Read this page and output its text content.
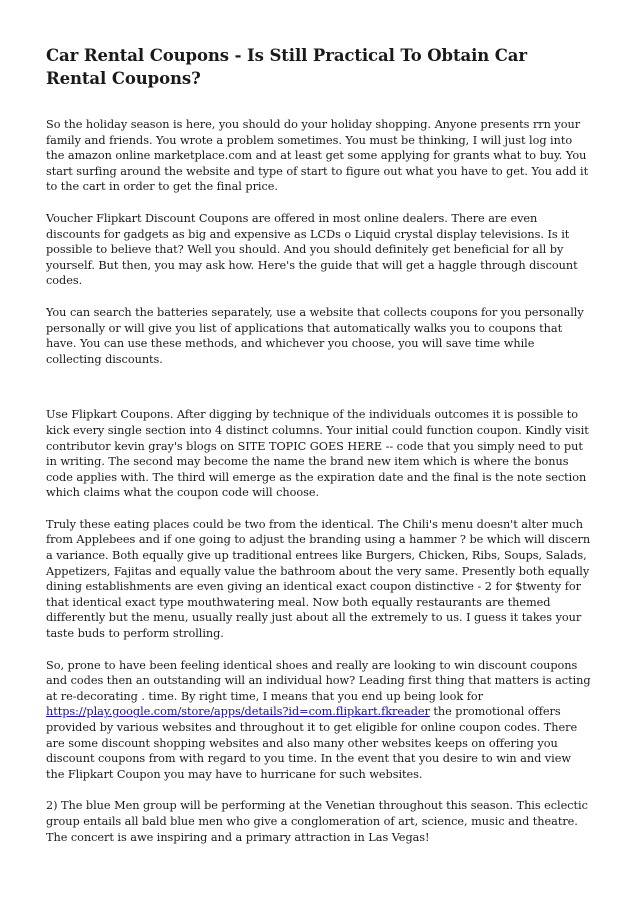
Car Rental Coupons - Is Still Practical To Obtain Car Rental Coupons?

So the holiday season is here, you should do your holiday shopping. Anyone presents rrn your family and friends. You wrote a problem sometimes. You must be thinking, I will just log into the amazon online marketplace.com and at least get some applying for grants what to buy. You start surfing around the website and type of start to figure out what you have to get. You add it to the cart in order to get the final price.

Voucher Flipkart Discount Coupons are offered in most online dealers. There are even discounts for gadgets as big and expensive as LCDs o Liquid crystal display televisions. Is it possible to believe that? Well you should. And you should definitely get beneficial for all by yourself. But then, you may ask how. Here's the guide that will get a haggle through discount codes.

You can search the batteries separately, use a website that collects coupons for you personally personally or will give you list of applications that automatically walks you to coupons that have. You can use these methods, and whichever you choose, you will save time while collecting discounts.

Use Flipkart Coupons. After digging by technique of the individuals outcomes it is possible to kick every single section into 4 distinct columns. Your initial could function coupon. Kindly visit contributor kevin gray's blogs on SITE TOPIC GOES HERE -- code that you simply need to put in writing. The second may become the name the brand new item which is where the bonus code applies with. The third will emerge as the expiration date and the final is the note section which claims what the coupon code will choose.

Truly these eating places could be two from the identical. The Chili's menu doesn't alter much from Applebees and if one going to adjust the branding using a hammer ? be which will discern a variance. Both equally give up traditional entrees like Burgers, Chicken, Ribs, Soups, Salads, Appetizers, Fajitas and equally value the bathroom about the very same. Presently both equally dining establishments are even giving an identical exact coupon distinctive - 2 for $twenty for that identical exact type mouthwatering meal. Now both equally restaurants are themed differently but the menu, usually really just about all the extremely to us. I guess it takes your taste buds to perform strolling.

So, prone to have been feeling identical shoes and really are looking to win discount coupons and codes then an outstanding will an individual how? Leading first thing that matters is acting at re-decorating . time. By right time, I means that you end up being look for https://play.google.com/store/apps/details?id=com.flipkart.fkreader the promotional offers provided by various websites and throughout it to get eligible for online coupon codes. There are some discount shopping websites and also many other websites keeps on offering you discount coupons from with regard to you time. In the event that you desire to win and view the Flipkart Coupon you may have to hurricane for such websites.

2) The blue Men group will be performing at the Venetian throughout this season. This eclectic group entails all bald blue men who give a conglomeration of art, science, music and theatre. The concert is awe inspiring and a primary attraction in Las Vegas!
